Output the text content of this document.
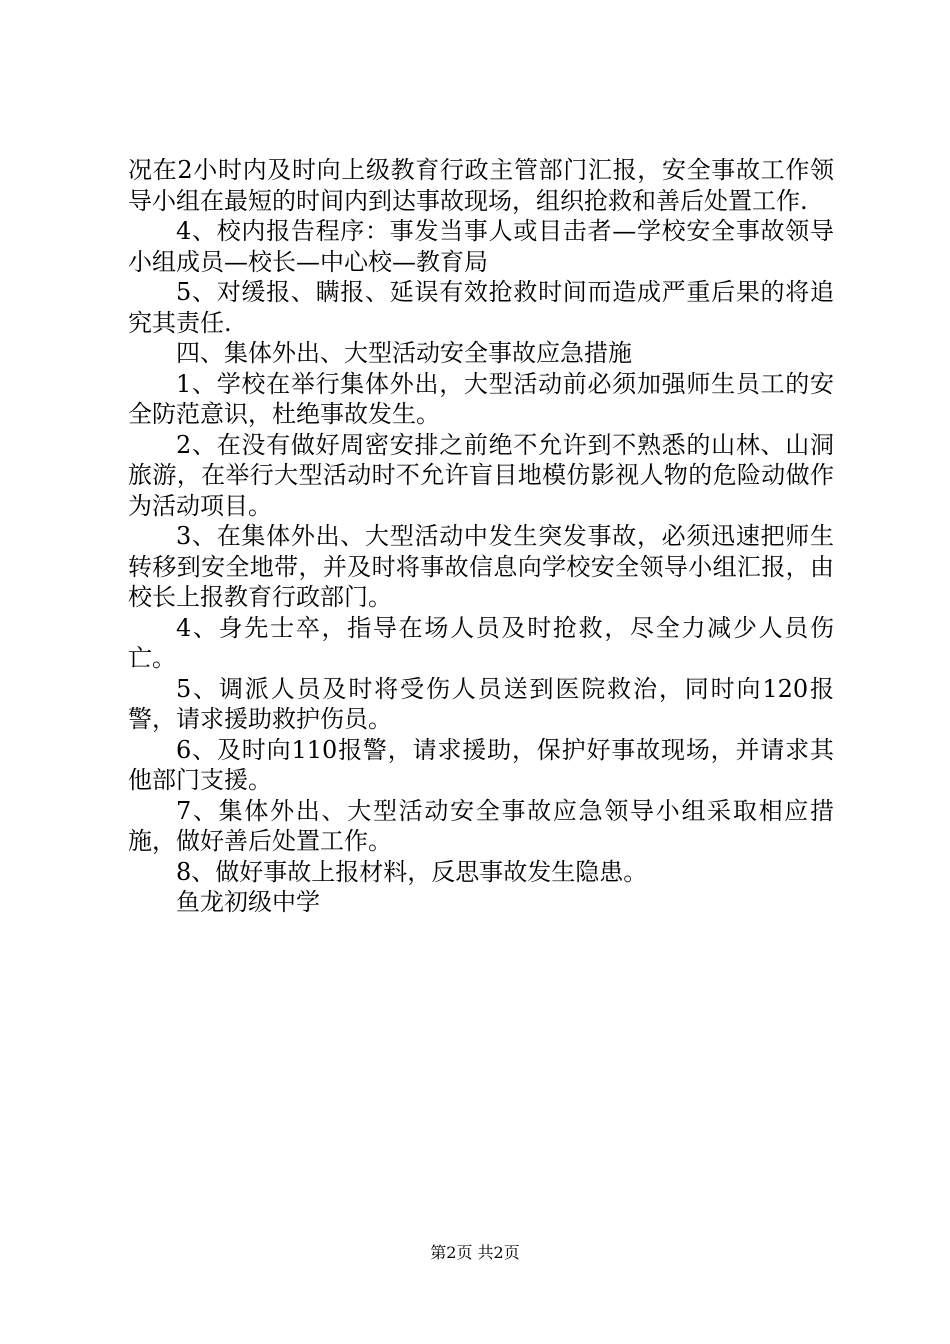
况在2小时内及时向上级教育行政主管部门汇报，安全事故工作领导小组在最短的时间内到达事故现场，组织抢救和善后处置工作.

4、校内报告程序：事发当事人或目击者—学校安全事故领导小组成员—校长—中心校—教育局

5、对缓报、瞒报、延误有效抢救时间而造成严重后果的将追究其责任.

四、集体外出、大型活动安全事故应急措施

1、学校在举行集体外出，大型活动前必须加强师生员工的安全防范意识，杜绝事故发生。

2、在没有做好周密安排之前绝不允许到不熟悉的山林、山洞旅游，在举行大型活动时不允许盲目地模仿影视人物的危险动做作为活动项目。

3、在集体外出、大型活动中发生突发事故，必须迅速把师生转移到安全地带，并及时将事故信息向学校安全领导小组汇报，由校长上报教育行政部门。

4、身先士卒，指导在场人员及时抢救，尽全力减少人员伤亡。

5、调派人员及时将受伤人员送到医院救治，同时向120报警，请求援助救护伤员。

6、及时向110报警，请求援助，保护好事故现场，并请求其他部门支援。

7、集体外出、大型活动安全事故应急领导小组采取相应措施，做好善后处置工作。

8、做好事故上报材料，反思事故发生隐患。

鱼龙初级中学

第2页 共2页
